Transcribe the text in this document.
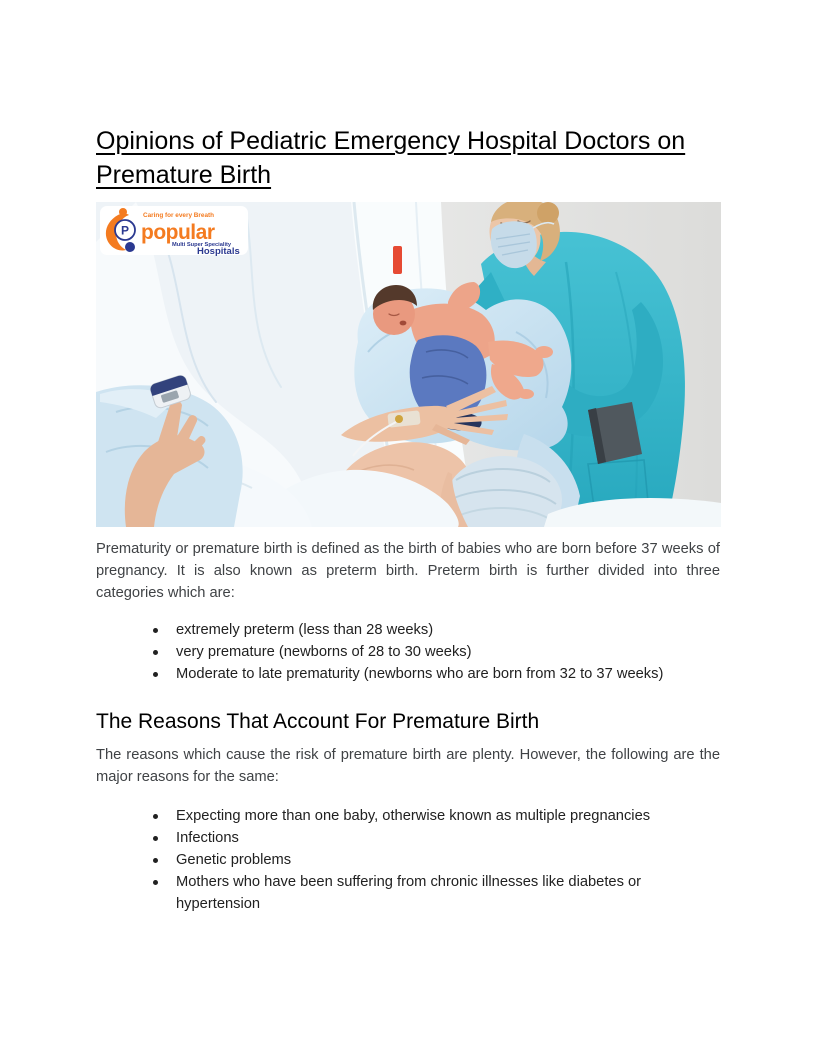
Opinions of Pediatric Emergency Hospital Doctors on Premature Birth
P
Caring for every Breath
popular
Multi Super Speciality
Hospitals

Prematurity or premature birth is defined as the birth of babies who are born before 37 weeks of pregnancy. It is also known as preterm birth. Preterm birth is further divided into three categories which are:

extremely preterm (less than 28 weeks)
very premature (newborns of 28 to 30 weeks)
Moderate to late prematurity (newborns who are born from 32 to 37 weeks)
The Reasons That Account For Premature Birth

The reasons which cause the risk of premature birth are plenty. However, the following are the major reasons for the same:

Expecting more than one baby, otherwise known as multiple pregnancies
Infections
Genetic problems
Mothers who have been suffering from chronic illnesses like diabetes or hypertension
